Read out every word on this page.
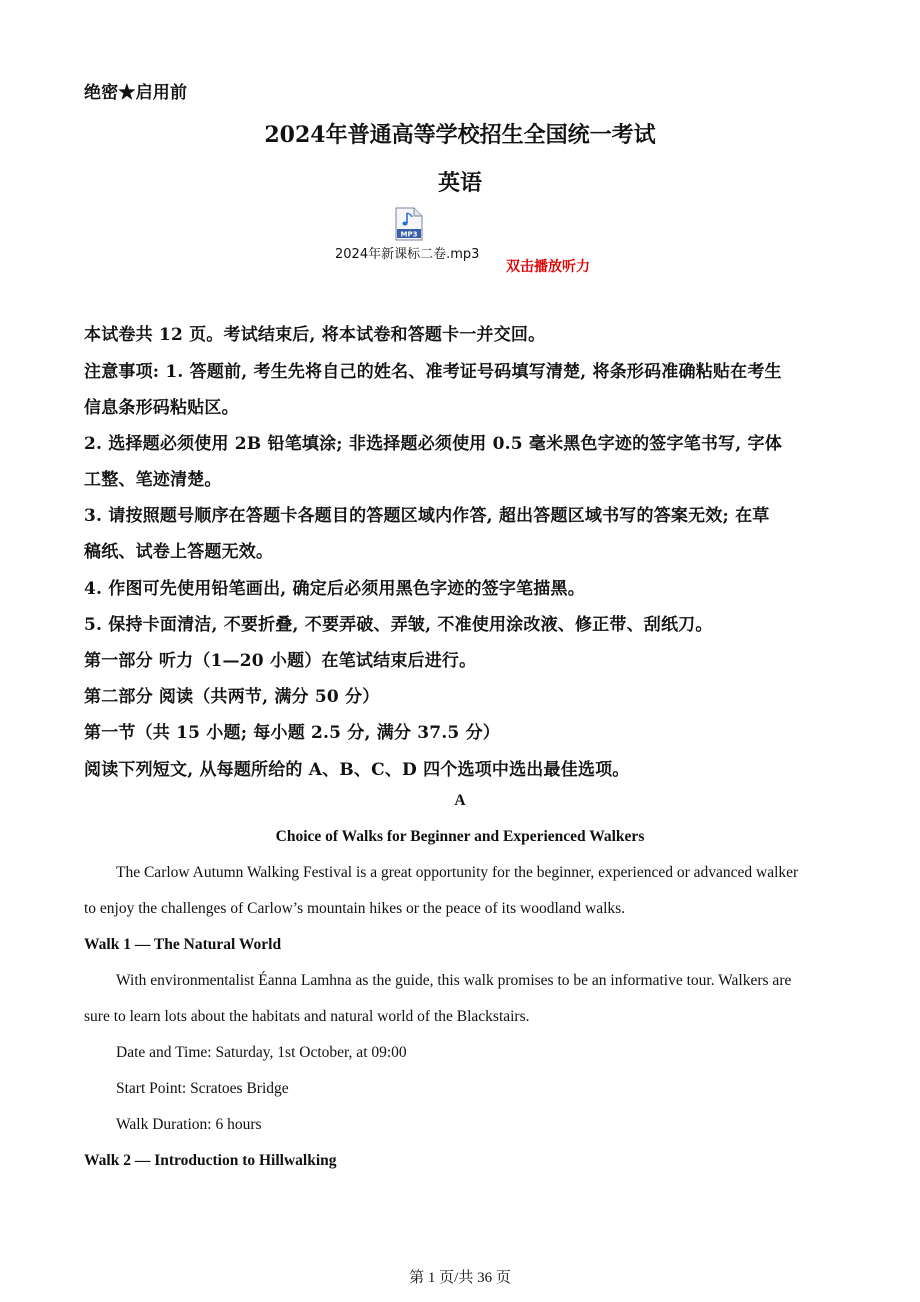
绝密★启用前
2024年普通高等学校招生全国统一考试
英语
MP3
2024年新课标二卷.mp3
双击播放听力
本试卷共 12 页。考试结束后, 将本试卷和答题卡一并交回。
注意事项: 1. 答题前, 考生先将自己的姓名、准考证号码填写清楚, 将条形码准确粘贴在考生
信息条形码粘贴区。
2. 选择题必须使用 2B 铅笔填涂; 非选择题必须使用 0.5 毫米黑色字迹的签字笔书写, 字体
工整、笔迹清楚。
3. 请按照题号顺序在答题卡各题目的答题区域内作答, 超出答题区域书写的答案无效; 在草
稿纸、试卷上答题无效。
4. 作图可先使用铅笔画出, 确定后必须用黑色字迹的签字笔描黑。
5. 保持卡面清洁, 不要折叠, 不要弄破、弄皱, 不准使用涂改液、修正带、刮纸刀。
第一部分 听力（1—20 小题）在笔试结束后进行。
第二部分 阅读（共两节, 满分 50 分）
第一节（共 15 小题; 每小题 2.5 分, 满分 37.5 分）
阅读下列短文, 从每题所给的 A、B、C、D 四个选项中选出最佳选项。
A
Choice of Walks for Beginner and Experienced Walkers
The Carlow Autumn Walking Festival is a great opportunity for the beginner, experienced or advanced walker
to enjoy the challenges of Carlow’s mountain hikes or the peace of its woodland walks.
Walk 1 — The Natural World
With environmentalist Éanna Lamhna as the guide, this walk promises to be an informative tour. Walkers are
sure to learn lots about the habitats and natural world of the Blackstairs.
Date and Time: Saturday, 1st October, at 09:00
Start Point: Scratoes Bridge
Walk Duration: 6 hours
Walk 2 — Introduction to Hillwalking
第 1 页/共 36 页
